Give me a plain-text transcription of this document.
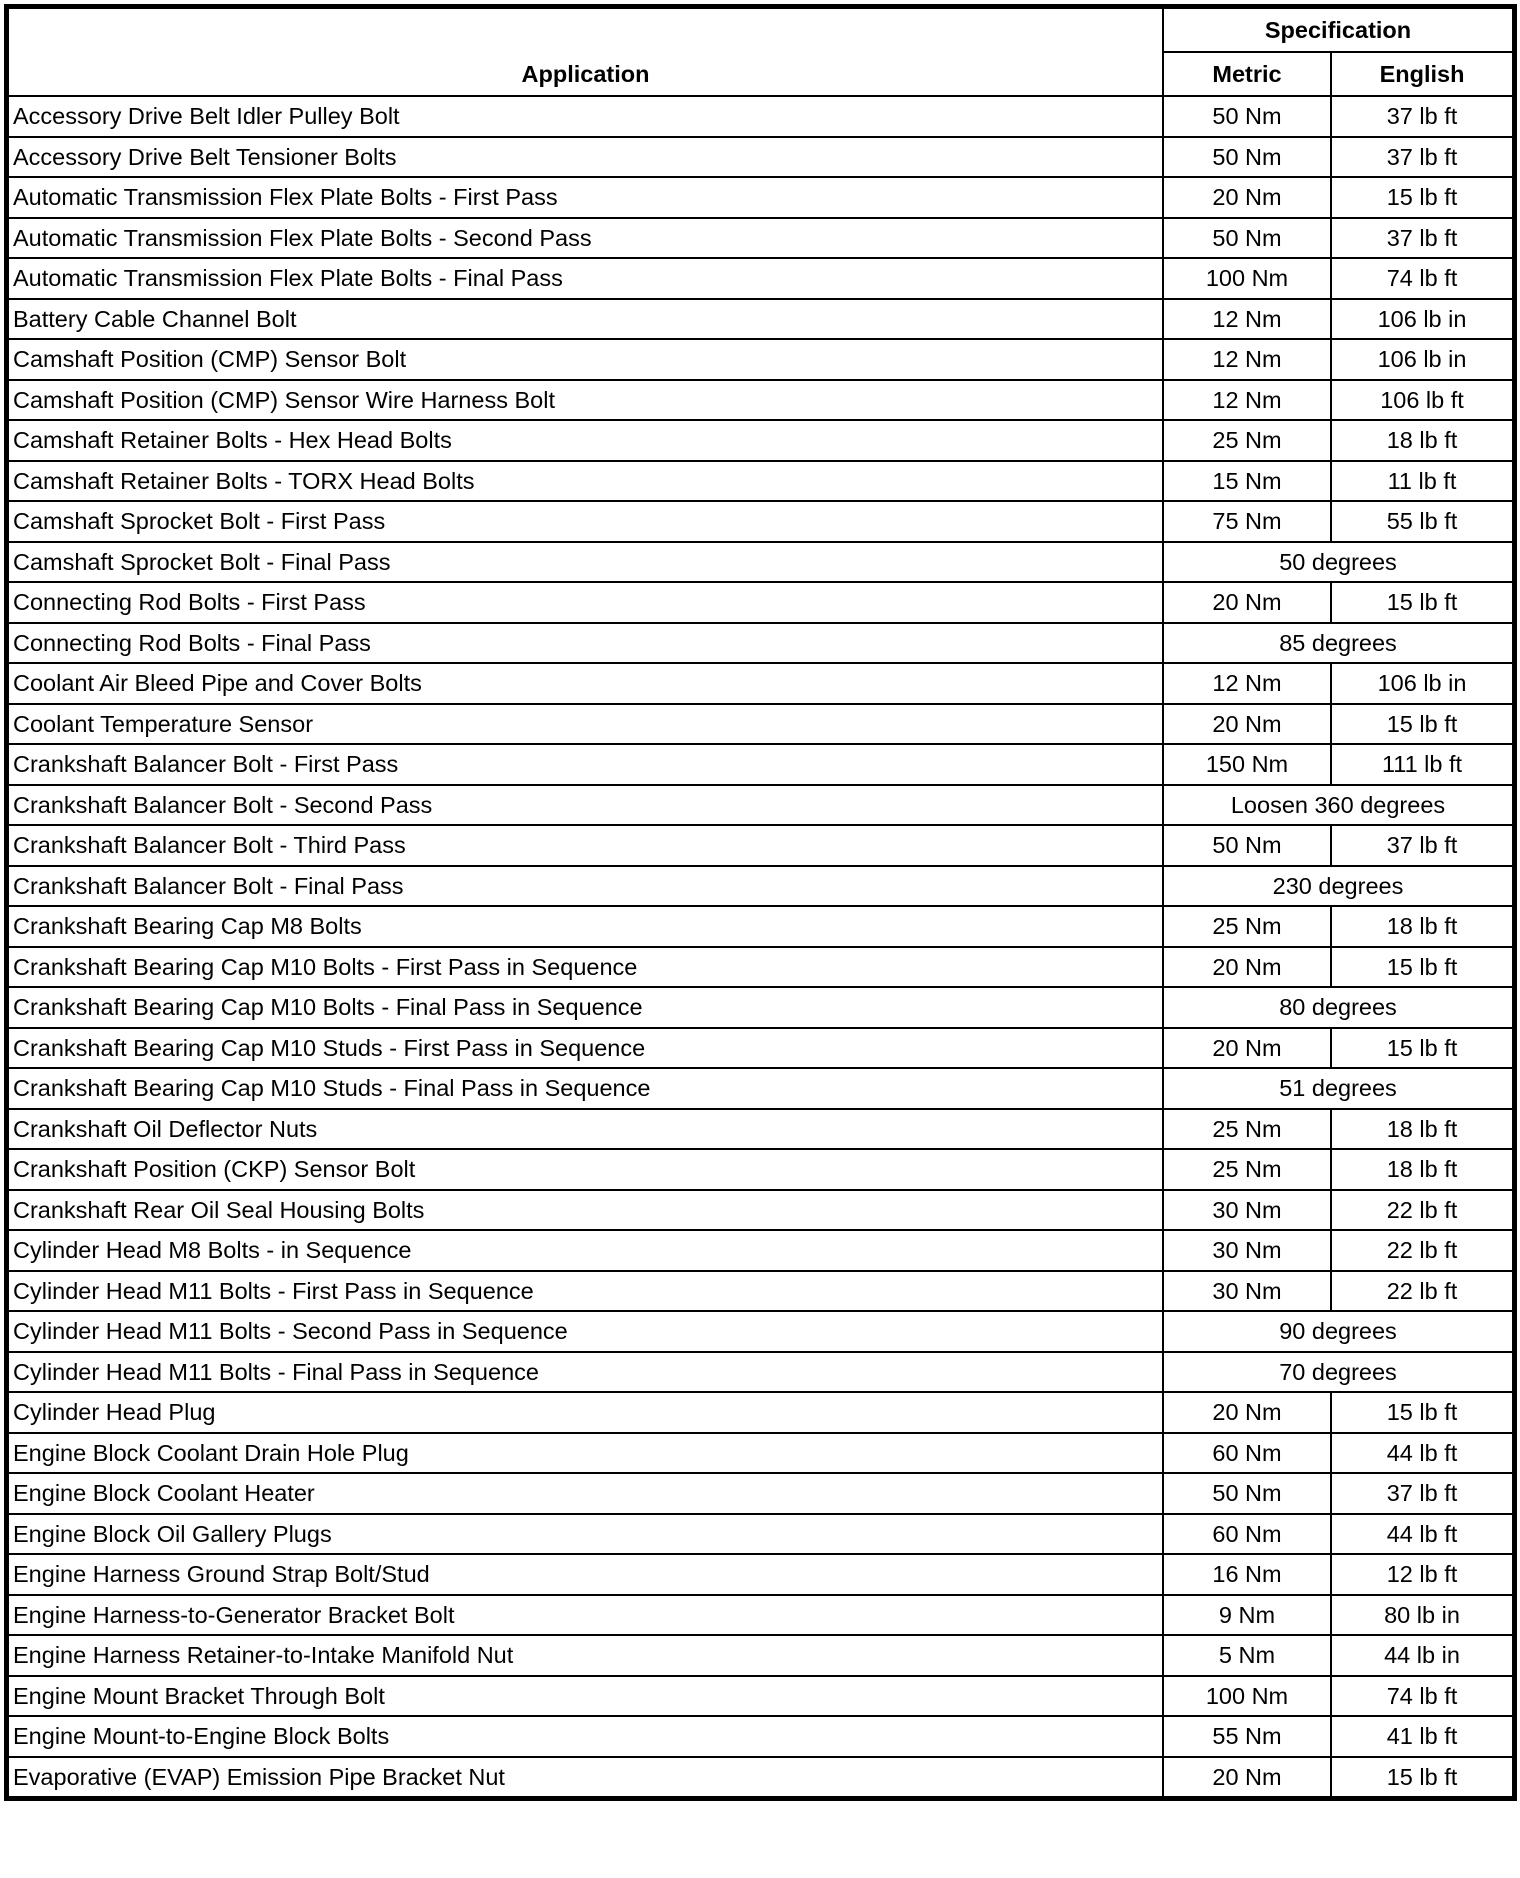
Application	Specification	
	Metric	English
Accessory Drive Belt Idler Pulley Bolt	50 Nm	37 lb ft
Accessory Drive Belt Tensioner Bolts	50 Nm	37 lb ft
Automatic Transmission Flex Plate Bolts - First Pass	20 Nm	15 lb ft
Automatic Transmission Flex Plate Bolts - Second Pass	50 Nm	37 lb ft
Automatic Transmission Flex Plate Bolts - Final Pass	100 Nm	74 lb ft
Battery Cable Channel Bolt	12 Nm	106 lb in
Camshaft Position (CMP) Sensor Bolt	12 Nm	106 lb in
Camshaft Position (CMP) Sensor Wire Harness Bolt	12 Nm	106 lb ft
Camshaft Retainer Bolts - Hex Head Bolts	25 Nm	18 lb ft
Camshaft Retainer Bolts - TORX Head Bolts	15 Nm	11 lb ft
Camshaft Sprocket Bolt - First Pass	75 Nm	55 lb ft
Camshaft Sprocket Bolt - Final Pass	50 degrees	
Connecting Rod Bolts - First Pass	20 Nm	15 lb ft
Connecting Rod Bolts - Final Pass	85 degrees	
Coolant Air Bleed Pipe and Cover Bolts	12 Nm	106 lb in
Coolant Temperature Sensor	20 Nm	15 lb ft
Crankshaft Balancer Bolt - First Pass	150 Nm	111 lb ft
Crankshaft Balancer Bolt - Second Pass	Loosen 360 degrees	
Crankshaft Balancer Bolt - Third Pass	50 Nm	37 lb ft
Crankshaft Balancer Bolt - Final Pass	230 degrees	
Crankshaft Bearing Cap M8 Bolts	25 Nm	18 lb ft
Crankshaft Bearing Cap M10 Bolts - First Pass in Sequence	20 Nm	15 lb ft
Crankshaft Bearing Cap M10 Bolts - Final Pass in Sequence	80 degrees	
Crankshaft Bearing Cap M10 Studs - First Pass in Sequence	20 Nm	15 lb ft
Crankshaft Bearing Cap M10 Studs - Final Pass in Sequence	51 degrees	
Crankshaft Oil Deflector Nuts	25 Nm	18 lb ft
Crankshaft Position (CKP) Sensor Bolt	25 Nm	18 lb ft
Crankshaft Rear Oil Seal Housing Bolts	30 Nm	22 lb ft
Cylinder Head M8 Bolts - in Sequence	30 Nm	22 lb ft
Cylinder Head M11 Bolts - First Pass in Sequence	30 Nm	22 lb ft
Cylinder Head M11 Bolts - Second Pass in Sequence	90 degrees	
Cylinder Head M11 Bolts - Final Pass in Sequence	70 degrees	
Cylinder Head Plug	20 Nm	15 lb ft
Engine Block Coolant Drain Hole Plug	60 Nm	44 lb ft
Engine Block Coolant Heater	50 Nm	37 lb ft
Engine Block Oil Gallery Plugs	60 Nm	44 lb ft
Engine Harness Ground Strap Bolt/Stud	16 Nm	12 lb ft
Engine Harness-to-Generator Bracket Bolt	9 Nm	80 lb in
Engine Harness Retainer-to-Intake Manifold Nut	5 Nm	44 lb in
Engine Mount Bracket Through Bolt	100 Nm	74 lb ft
Engine Mount-to-Engine Block Bolts	55 Nm	41 lb ft
Evaporative (EVAP) Emission Pipe Bracket Nut	20 Nm	15 lb ft
